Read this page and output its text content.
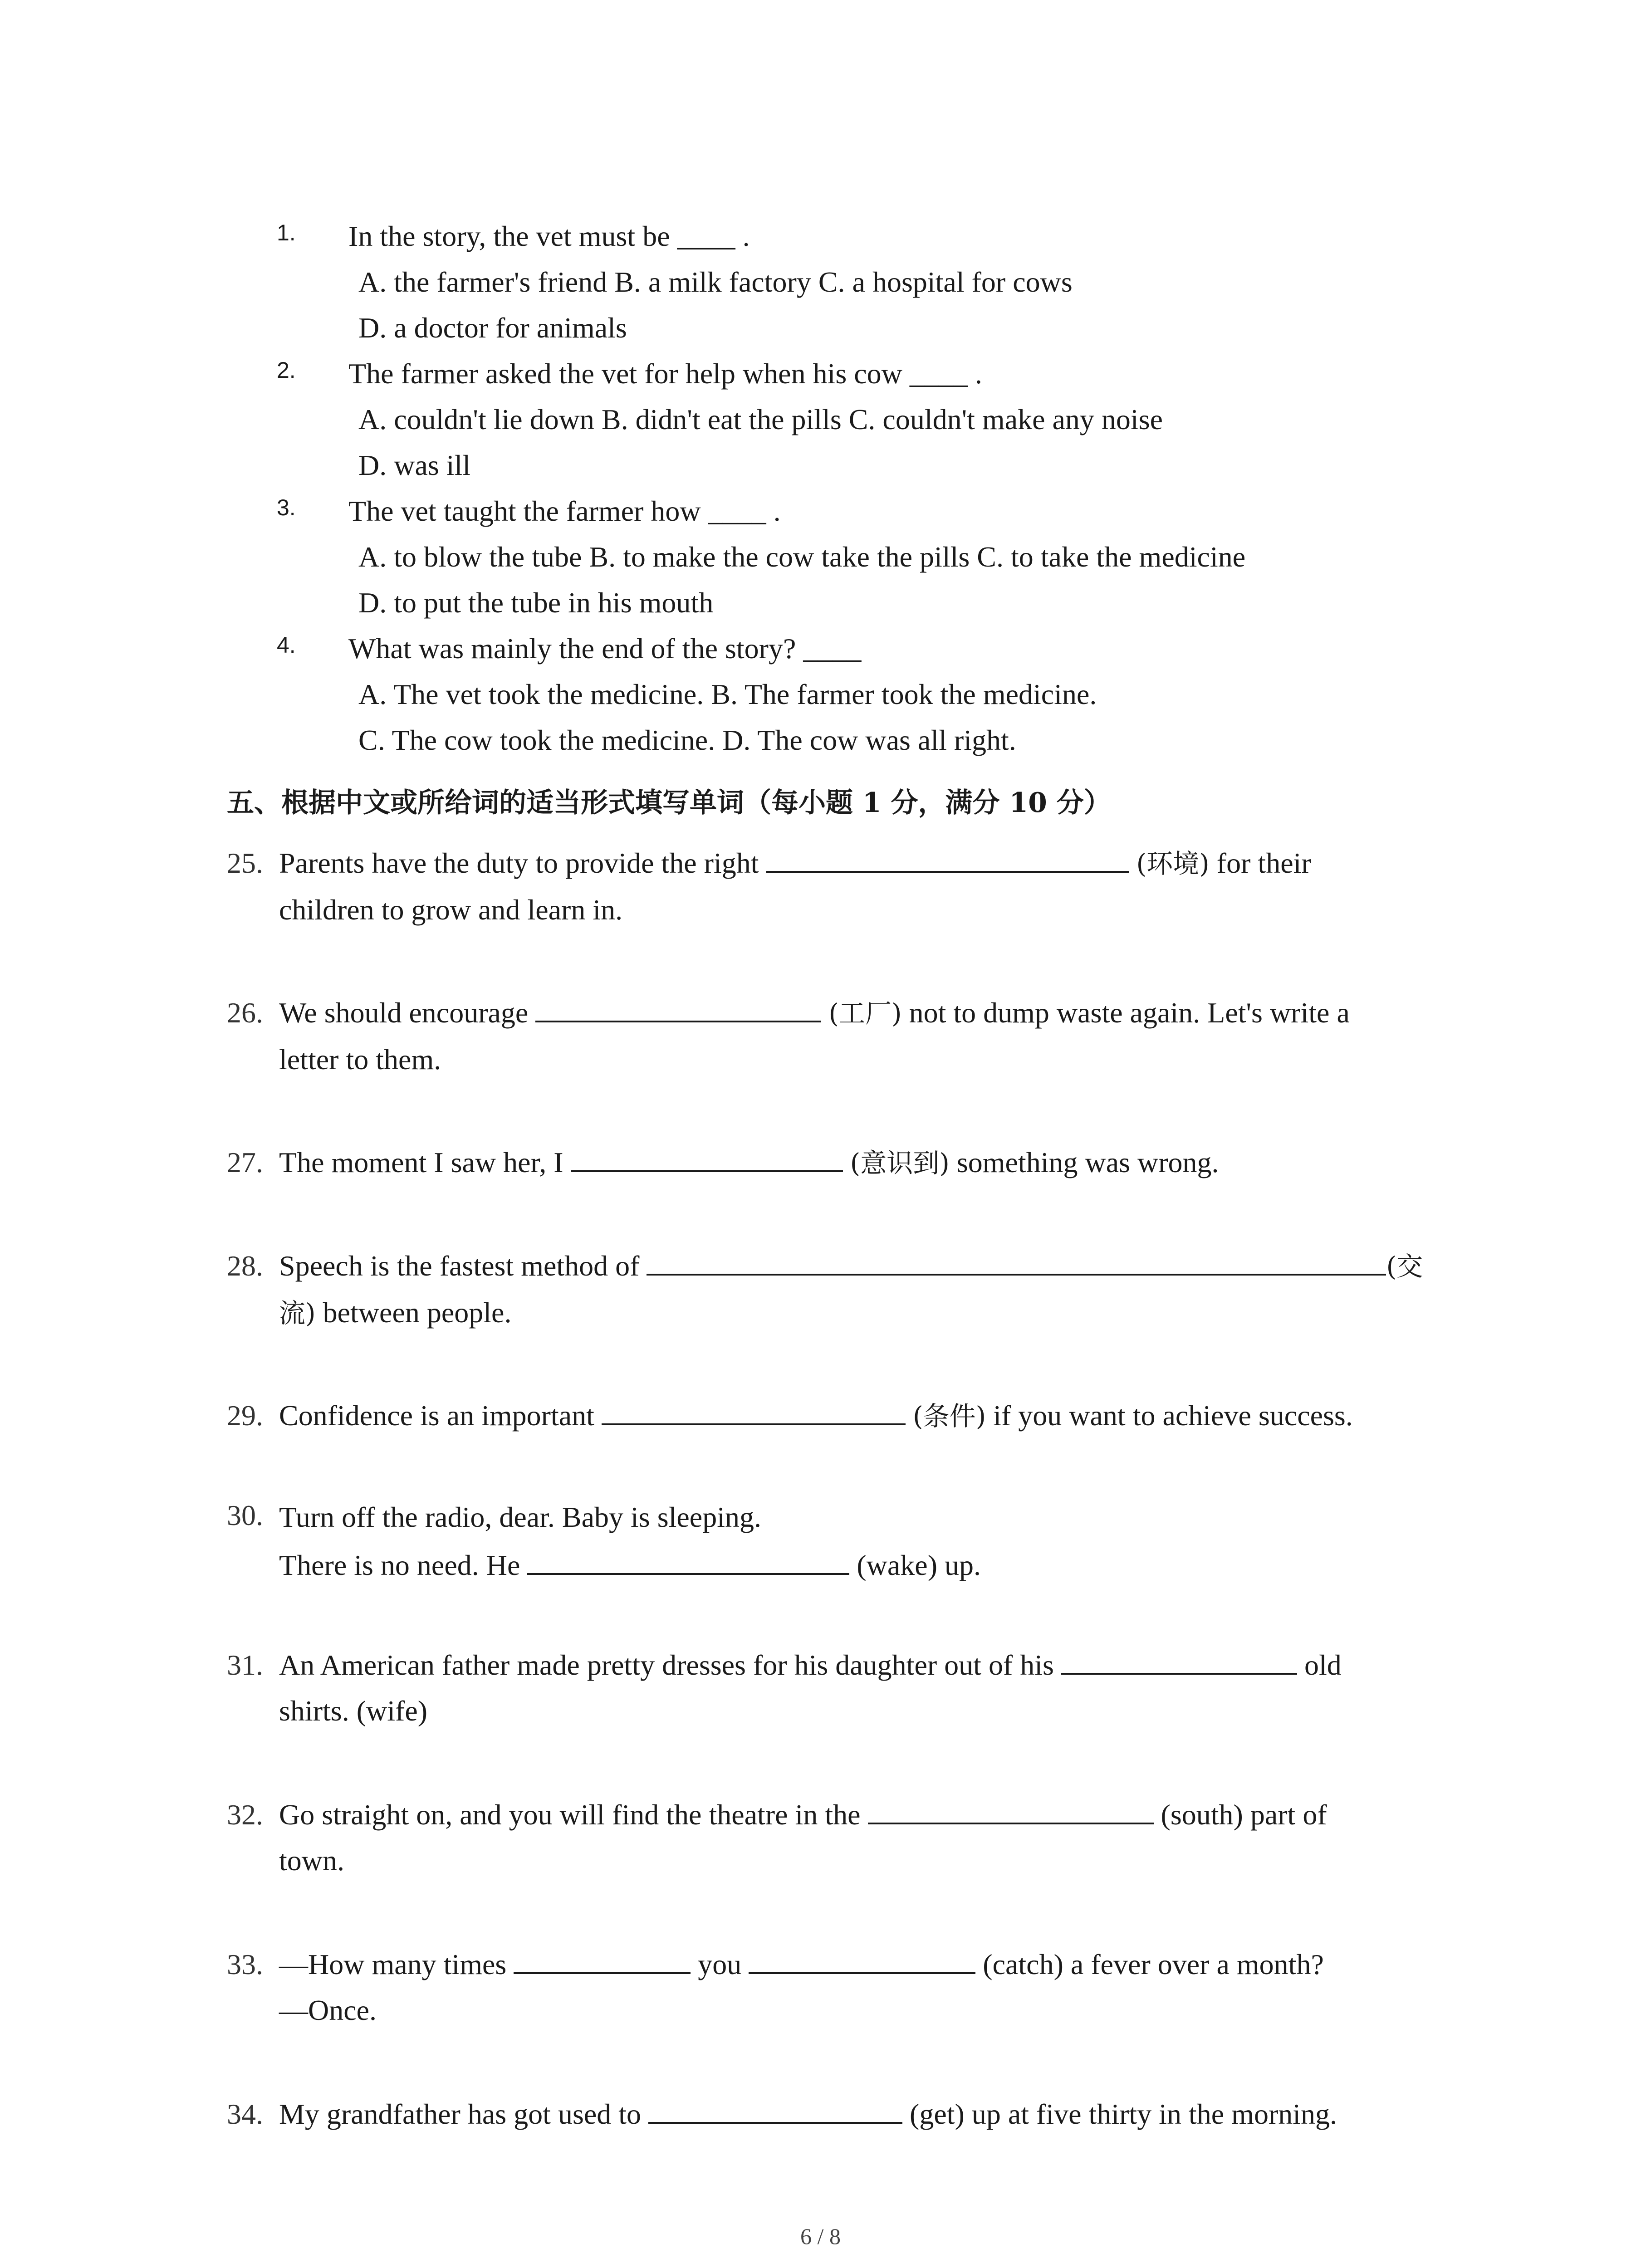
1. In the story, the vet must be ____ .
A. the farmer's friend B. a milk factory C. a hospital for cows
D. a doctor for animals
2. The farmer asked the vet for help when his cow ____ .
A. couldn't lie down B. didn't eat the pills C. couldn't make any noise
D. was ill
3. The vet taught the farmer how ____ .
A. to blow the tube B. to make the cow take the pills C. to take the medicine
D. to put the tube in his mouth
4. What was mainly the end of the story? ____
A. The vet took the medicine. B. The farmer took the medicine.
C. The cow took the medicine. D. The cow was all right.
五、根据中文或所给词的适当形式填写单词（每小题 1 分，满分 10 分）
25. Parents have the duty to provide the right	(环境) for their
children to grow and learn in.
26. We should encourage	(工厂) not to dump waste again. Let's write a
letter to them.
27. The moment I saw her, I	(意识到) something was wrong.
28. Speech is the fastest method of	(交
流) between people.
29. Confidence is an important	(条件) if you want to achieve success.
30. Turn off the radio, dear. Baby is sleeping.
There is no need. He	(wake) up.
31. An American father made pretty dresses for his daughter out of his	old
shirts. (wife)
32. Go straight on, and you will find the theatre in the	(south) part of
town.
33. —How many times	you	(catch) a fever over a month?
—Once.
34. My grandfather has got used to	(get) up at five thirty in the morning.
6 / 8
